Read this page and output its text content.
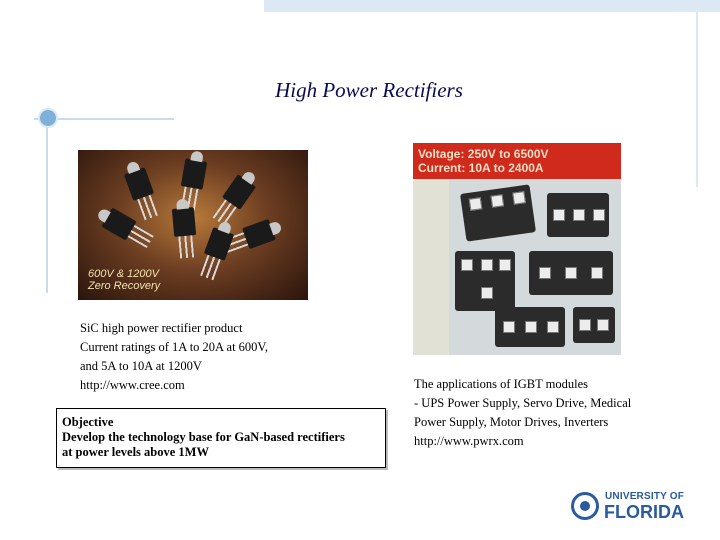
High Power Rectifiers
600V & 1200V
Zero Recovery
SiC high power rectifier product
Current ratings of 1A to 20A at 600V,
and 5A to 10A at 1200V
http://www.cree.com
Objective
Develop the technology base for GaN-based rectifiers
at power levels above 1MW
Voltage: 250V to 6500V
Current: 10A to 2400A
The applications of IGBT modules
- UPS Power Supply, Servo Drive, Medical
Power Supply, Motor Drives, Inverters
http://www.pwrx.com
UNIVERSITY OF
FLORIDA
